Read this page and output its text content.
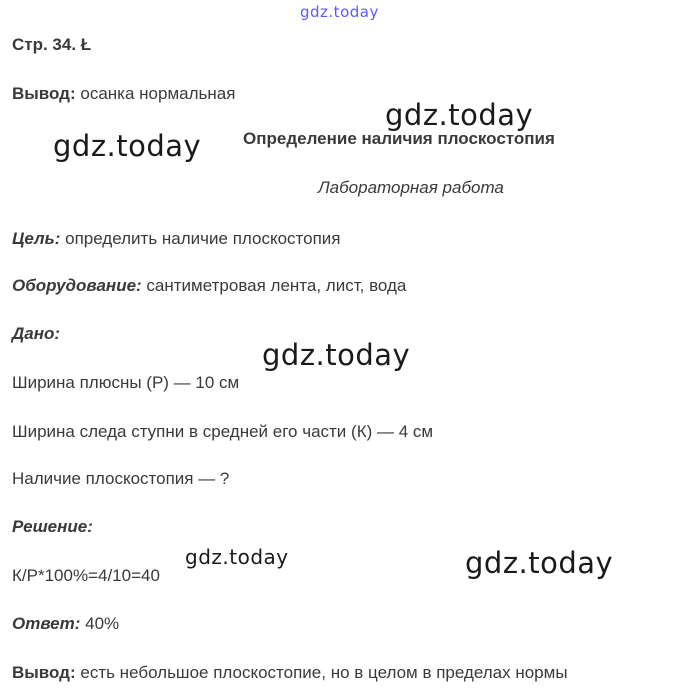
gdz.today
gdz.today
gdz.today
gdz.today
gdz.today	gdz.today
Стр. 34. Ł
Вывод: осанка нормальная
Определение наличия плоскостопия
Лабораторная работа
Цель: определить наличие плоскостопия
Оборудование: сантиметровая лента, лист, вода
Дано:
Ширина плюсны (Р) — 10 см
Ширина следа ступни в средней его части (К) — 4 см
Наличие плоскостопия — ?
Решение:
К/Р*100%=4/10=40
Ответ: 40%
Вывод: есть небольшое плоскостопие, но в целом в пределах нормы
